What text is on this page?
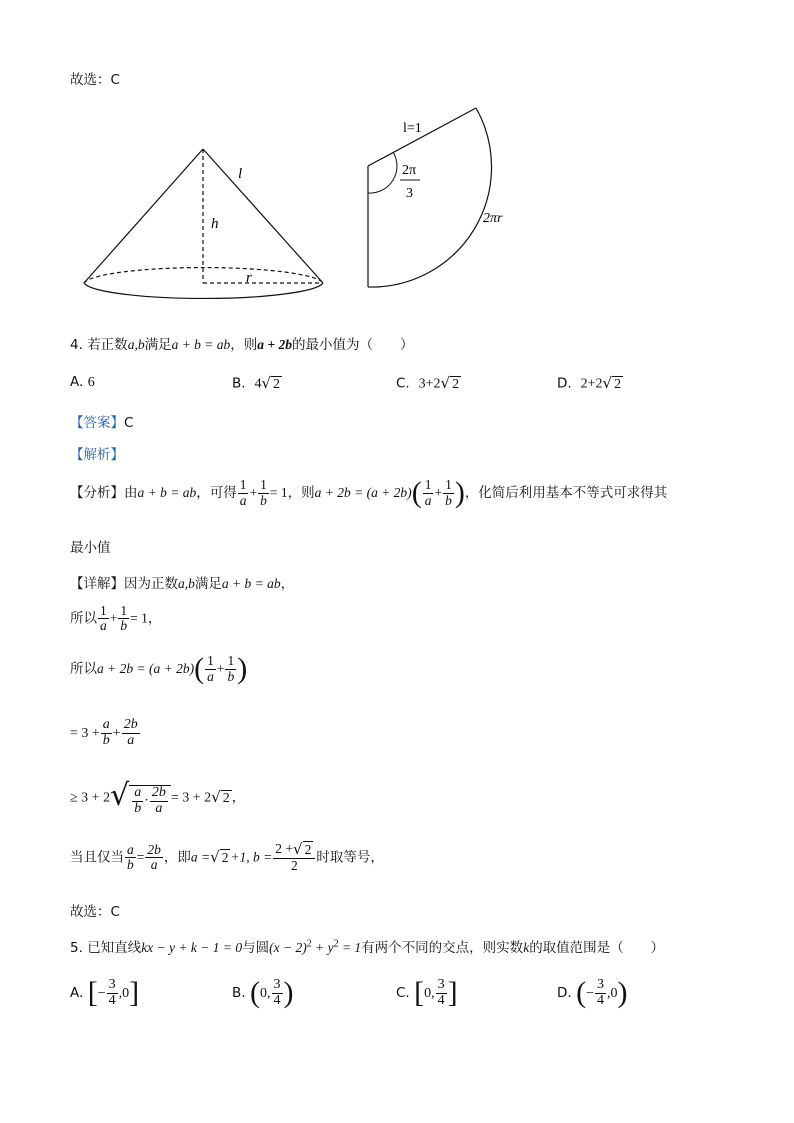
故选：C
l
h
r
l=1
2π
3
2πr
4. 若正数a,b满足a + b = ab，则a + 2b的最小值为（　　）
A. 6	B. 4√ 2	C. 3+2√ 2	D. 2+2√ 2
【答案】C
【解析】
【分析】由a + b = ab，可得 $\frac{1}{a} + \frac{1}{b} = 1$，则$a + 2b = (a + 2b)( \frac{1}{a} + \frac{1}{b}$ )，化简后利用基本不等式可求得其
最小值
【详解】因为正数a,b满足a + b = ab，
所以 $\frac{1}{a} + \frac{1}{b} = 1$，
所以$a + 2b = (a + 2b)( \frac{1}{a} + \frac{1}{b}$ )
= $3 + \frac{a}{b} + \frac{2b}{a}$
≥ $3 + 2√ \frac{a}{b} \cdot \frac{2b}{a} = 3 + 2√$ 2 ，
当且仅当 $\frac{a}{b} = \frac{2b}{a}$ ，即a =√ 2 +1, $b = \frac{2 +√ 2}{2}$ 时取等号，
故选：C
5. 已知直线kx − y + k − 1 = 0与圆$(x - 2)^2 + y^2 = 1$有两个不同的交点，则实数k的取值范围是（　　）
A. [− $\frac{3}{4} ,0$]	B. (0, $\frac{3}{4}$ )	C. [0, $\frac{3}{4}$ ]	D. (− $\frac{3}{4} ,0$)
